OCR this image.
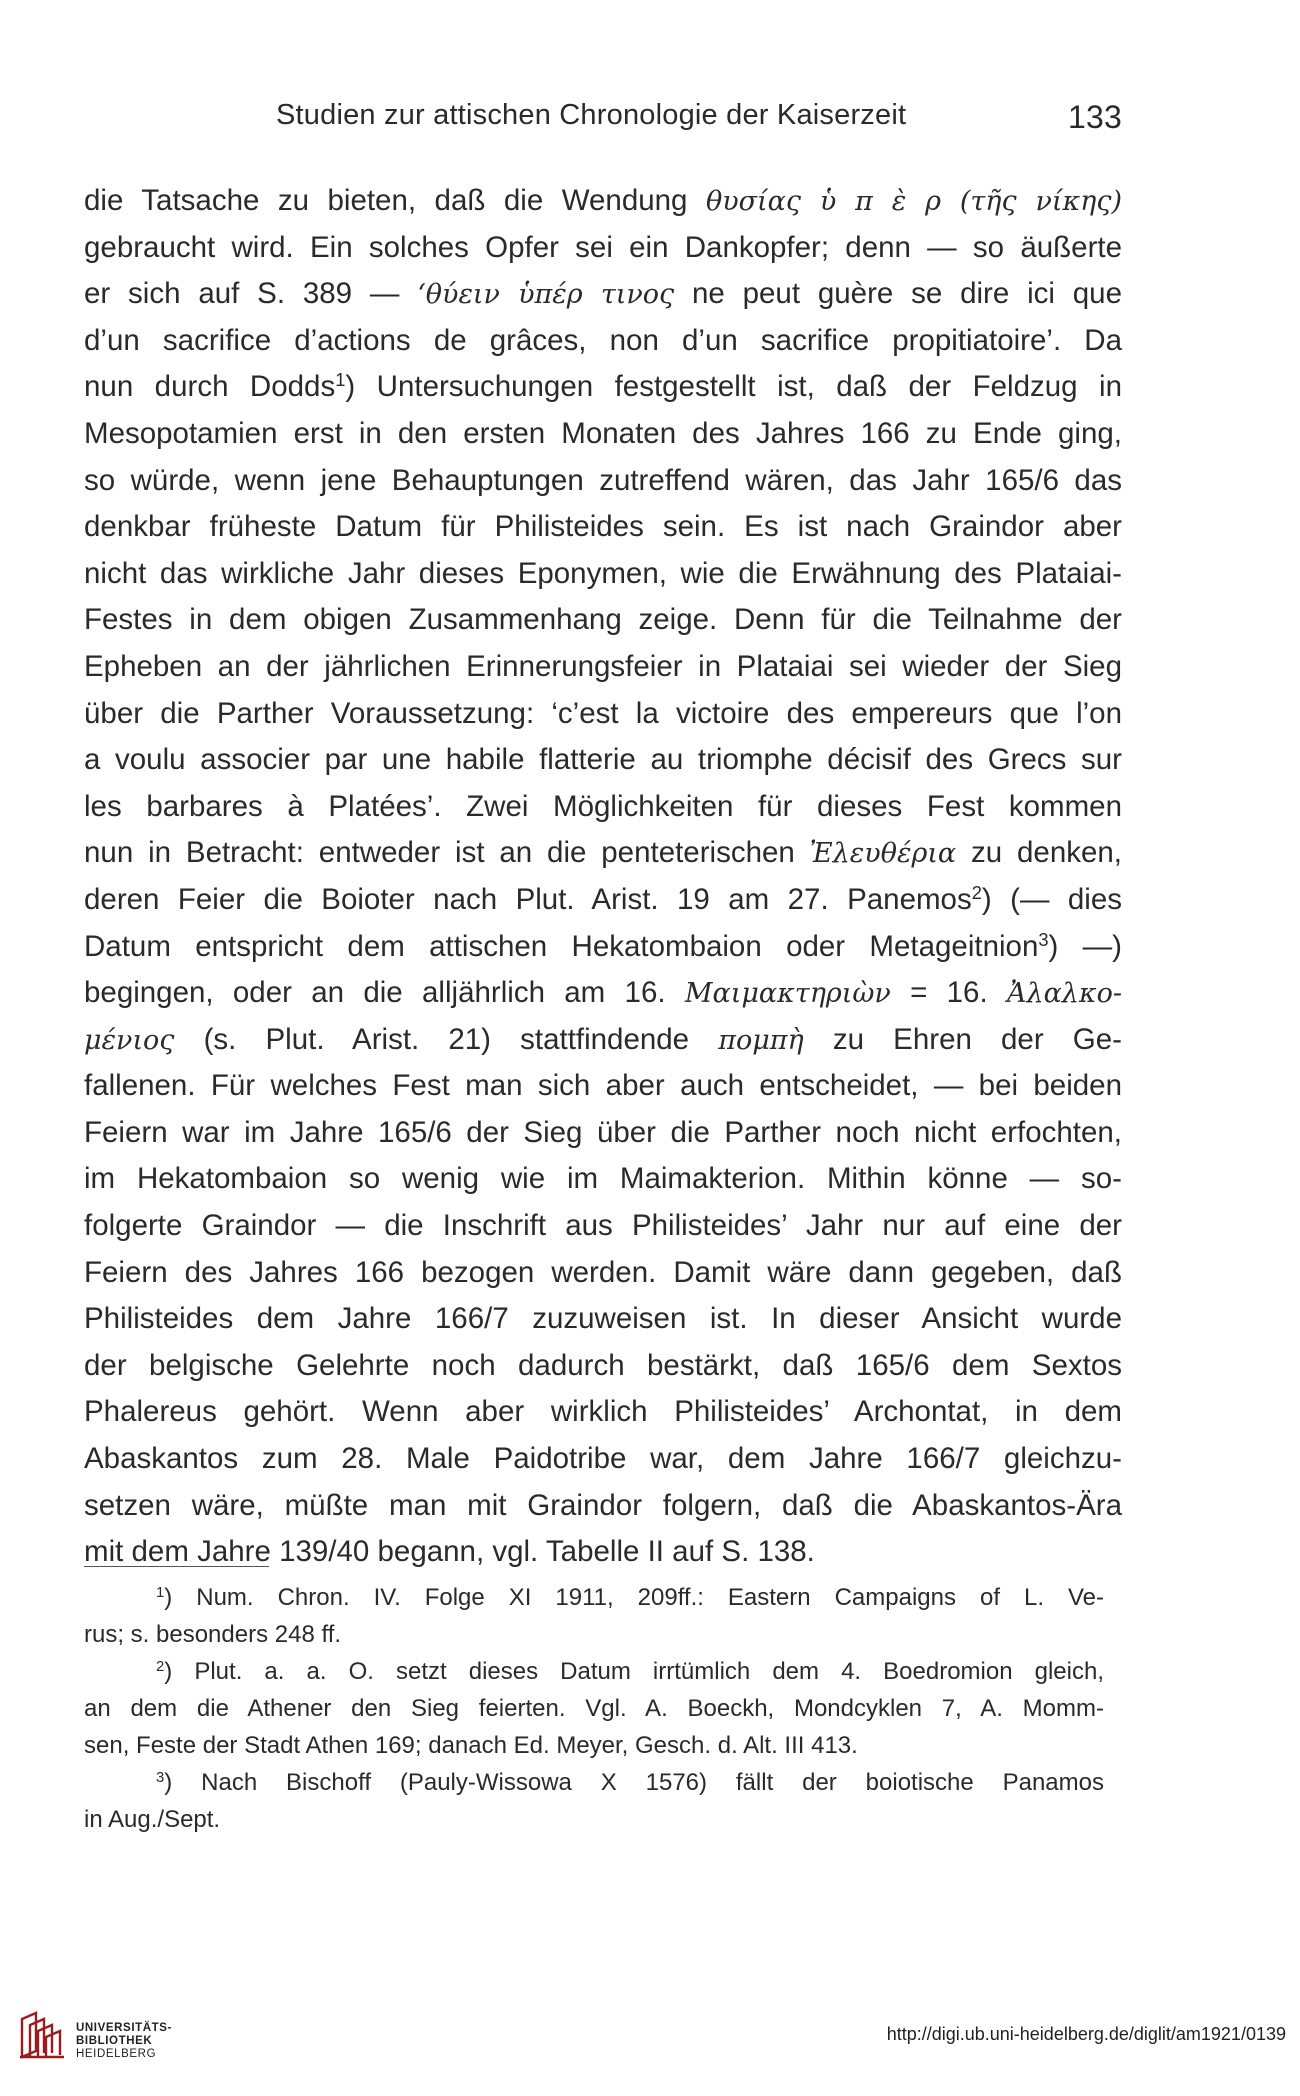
Studien zur attischen Chronologie der Kaiserzeit	133
die Tatsache zu bieten, daß die Wendung θυσίας ὑ π ὲ ρ (τῆς νίκης)
gebraucht wird. Ein solches Opfer sei ein Dankopfer; denn — so äußerte
er sich auf S. 389 — ‘θύειν ὑπέρ τινος ne peut guère se dire ici que
d’un sacrifice d’actions de grâces, non d’un sacrifice propitiatoire’. Da
nun durch Dodds$^1$) Untersuchungen festgestellt ist, daß der Feldzug in
Mesopotamien erst in den ersten Monaten des Jahres 166 zu Ende ging,
so würde, wenn jene Behauptungen zutreffend wären, das Jahr 165/6 das
denkbar früheste Datum für Philisteides sein. Es ist nach Graindor aber
nicht das wirkliche Jahr dieses Eponymen, wie die Erwähnung des Plataiai-
Festes in dem obigen Zusammenhang zeige. Denn für die Teilnahme der
Epheben an der jährlichen Erinnerungsfeier in Plataiai sei wieder der Sieg
über die Parther Voraussetzung: ‘c’est la victoire des empereurs que l’on
a voulu associer par une habile flatterie au triomphe décisif des Grecs sur
les barbares à Platées’. Zwei Möglichkeiten für dieses Fest kommen
nun in Betracht: entweder ist an die penteterischen Ἐλευθέρια zu denken,
deren Feier die Boioter nach Plut. Arist. 19 am 27. Panemos$^2$) (— dies
Datum entspricht dem attischen Hekatombaion oder Metageitnion$^3$) —)
begingen, oder an die alljährlich am 16. Μαιμακτηριὼν = 16. Ἀλαλκο-
μένιος (s. Plut. Arist. 21) stattfindende πομπὴ zu Ehren der Ge-
fallenen. Für welches Fest man sich aber auch entscheidet, — bei beiden
Feiern war im Jahre 165/6 der Sieg über die Parther noch nicht erfochten,
im Hekatombaion so wenig wie im Maimakterion. Mithin könne — so-
folgerte Graindor — die Inschrift aus Philisteides’ Jahr nur auf eine der
Feiern des Jahres 166 bezogen werden. Damit wäre dann gegeben, daß
Philisteides dem Jahre 166/7 zuzuweisen ist. In dieser Ansicht wurde
der belgische Gelehrte noch dadurch bestärkt, daß 165/6 dem Sextos
Phalereus gehört. Wenn aber wirklich Philisteides’ Archontat, in dem
Abaskantos zum 28. Male Paidotribe war, dem Jahre 166/7 gleichzu-
setzen wäre, müßte man mit Graindor folgern, daß die Abaskantos-Ära
mit dem Jahre 139/40 begann, vgl. Tabelle II auf S. 138.
$^1$) Num. Chron. IV. Folge XI 1911, 209ff.: Eastern Campaigns of L. Ve-
rus; s. besonders 248 ff.
$^2$) Plut. a. a. O. setzt dieses Datum irrtümlich dem 4. Boedromion gleich,
an dem die Athener den Sieg feierten. Vgl. A. Boeckh, Mondcyklen 7, A. Momm-
sen, Feste der Stadt Athen 169; danach Ed. Meyer, Gesch. d. Alt. III 413.
$^3$) Nach Bischoff (Pauly-Wissowa X 1576) fällt der boiotische Panamos
in Aug./Sept.
UNIVERSITÄTS-
BIBLIOTHEK
HEIDELBERG
http://digi.ub.uni-heidelberg.de/diglit/am1921/0139
